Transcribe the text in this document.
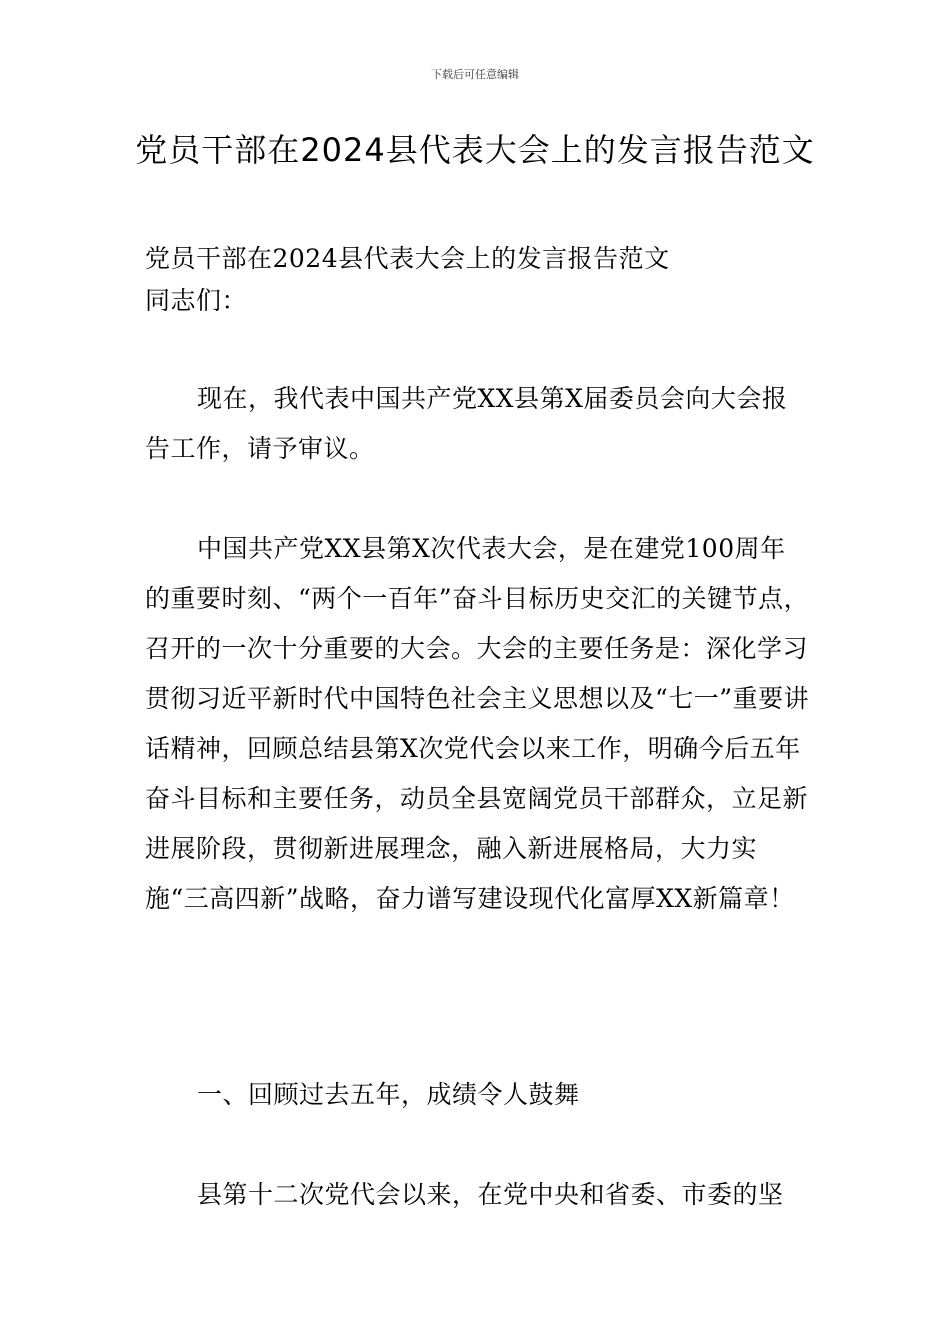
下载后可任意编辑
党员干部在2024县代表大会上的发言报告范文
党员干部在2024县代表大会上的发言报告范文
同志们：
现在，我代表中国共产党XX县第X届委员会向大会报告工作，请予审议。
中国共产党XX县第X次代表大会，是在建党100周年的重要时刻、“两个一百年”奋斗目标历史交汇的关键节点，召开的一次十分重要的大会。大会的主要任务是：深化学习贯彻习近平新时代中国特色社会主义思想以及“七一”重要讲话精神，回顾总结县第X次党代会以来工作，明确今后五年奋斗目标和主要任务，动员全县宽阔党员干部群众，立足新进展阶段，贯彻新进展理念，融入新进展格局，大力实施“三高四新”战略，奋力谱写建设现代化富厚XX新篇章！
一、回顾过去五年，成绩令人鼓舞
县第十二次党代会以来，在党中央和省委、市委的坚
